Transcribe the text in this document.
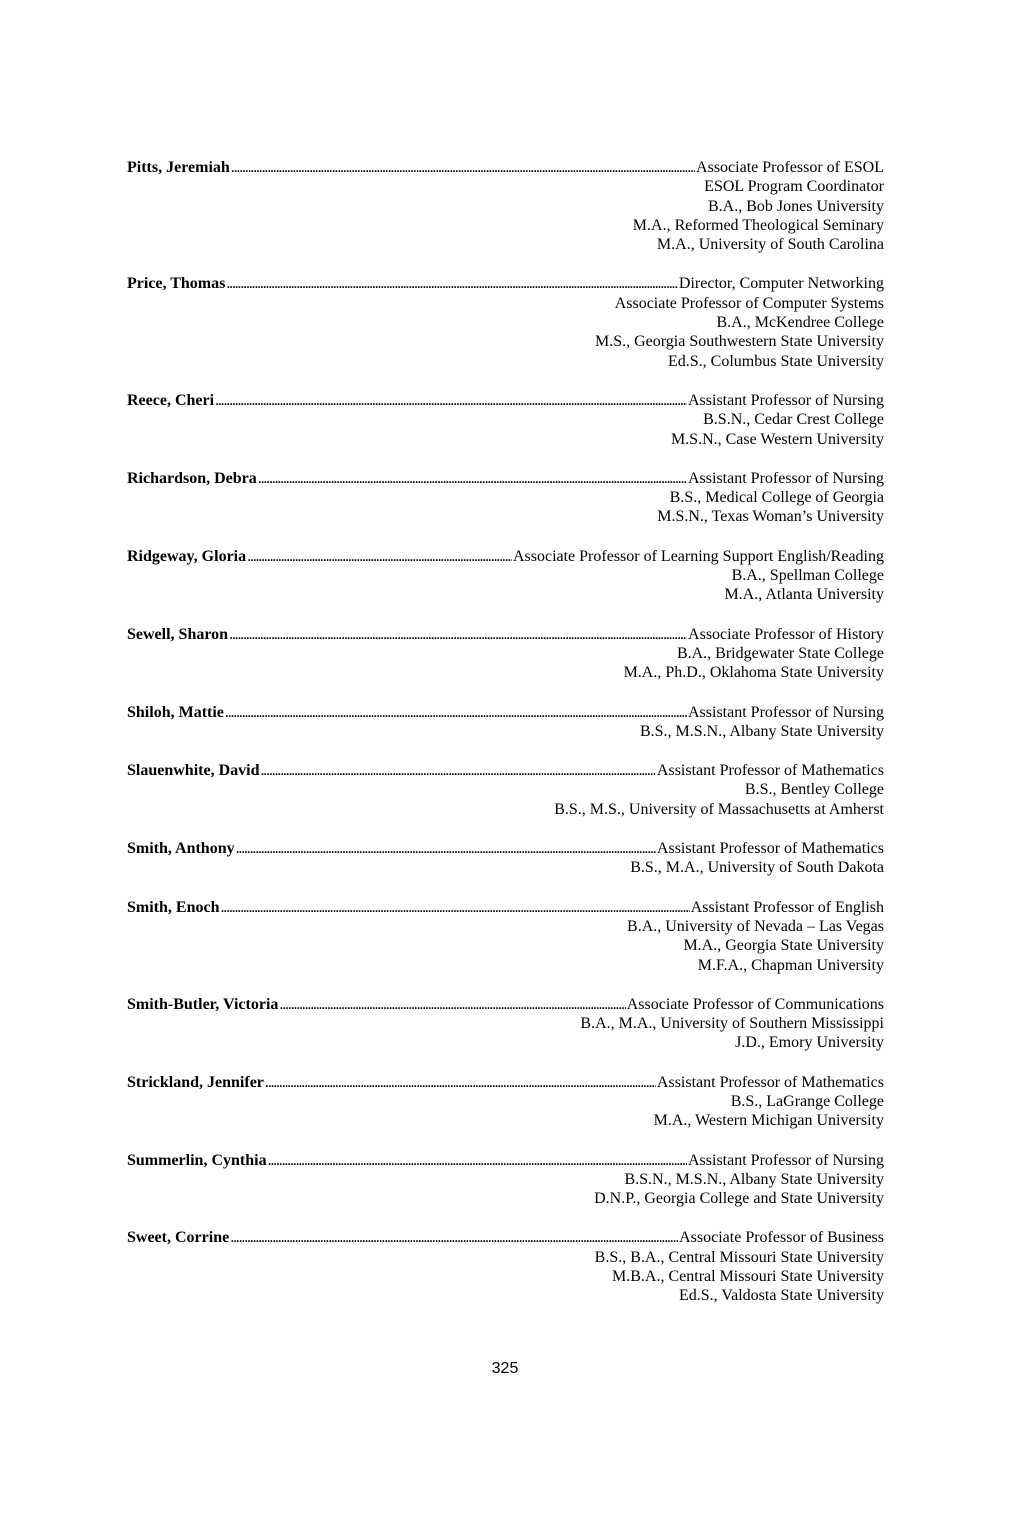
Pitts, Jeremiah . . .	Associate Professor of ESOL
ESOL Program Coordinator
B.A., Bob Jones University
M.A., Reformed Theological Seminary
M.A., University of South Carolina
Price, Thomas . . .	Director, Computer Networking
Associate Professor of Computer Systems
B.A., McKendree College
M.S., Georgia Southwestern State University
Ed.S., Columbus State University
Reece, Cheri . . .	Assistant Professor of Nursing
B.S.N., Cedar Crest College
M.S.N., Case Western University
Richardson, Debra . . .	Assistant Professor of Nursing
B.S., Medical College of Georgia
M.S.N., Texas Woman’s University
Ridgeway, Gloria . . .	Associate Professor of Learning Support English/Reading
B.A., Spellman College
M.A., Atlanta University
Sewell, Sharon . . .	Associate Professor of History
B.A., Bridgewater State College
M.A., Ph.D., Oklahoma State University
Shiloh, Mattie . . .	Assistant Professor of Nursing
B.S., M.S.N., Albany State University
Slauenwhite, David . . .	Assistant Professor of Mathematics
B.S., Bentley College
B.S., M.S., University of Massachusetts at Amherst
Smith, Anthony . . .	Assistant Professor of Mathematics
B.S., M.A., University of South Dakota
Smith, Enoch . . .	Assistant Professor of English
B.A., University of Nevada – Las Vegas
M.A., Georgia State University
M.F.A., Chapman University
Smith-Butler, Victoria . . .	Associate Professor of Communications
B.A., M.A., University of Southern Mississippi
J.D., Emory University
Strickland, Jennifer . . .	Assistant Professor of Mathematics
B.S., LaGrange College
M.A., Western Michigan University
Summerlin, Cynthia . . .	Assistant Professor of Nursing
B.S.N., M.S.N., Albany State University
D.N.P., Georgia College and State University
Sweet, Corrine . . .	Associate Professor of Business
B.S., B.A., Central Missouri State University
M.B.A., Central Missouri State University
Ed.S., Valdosta State University
325
